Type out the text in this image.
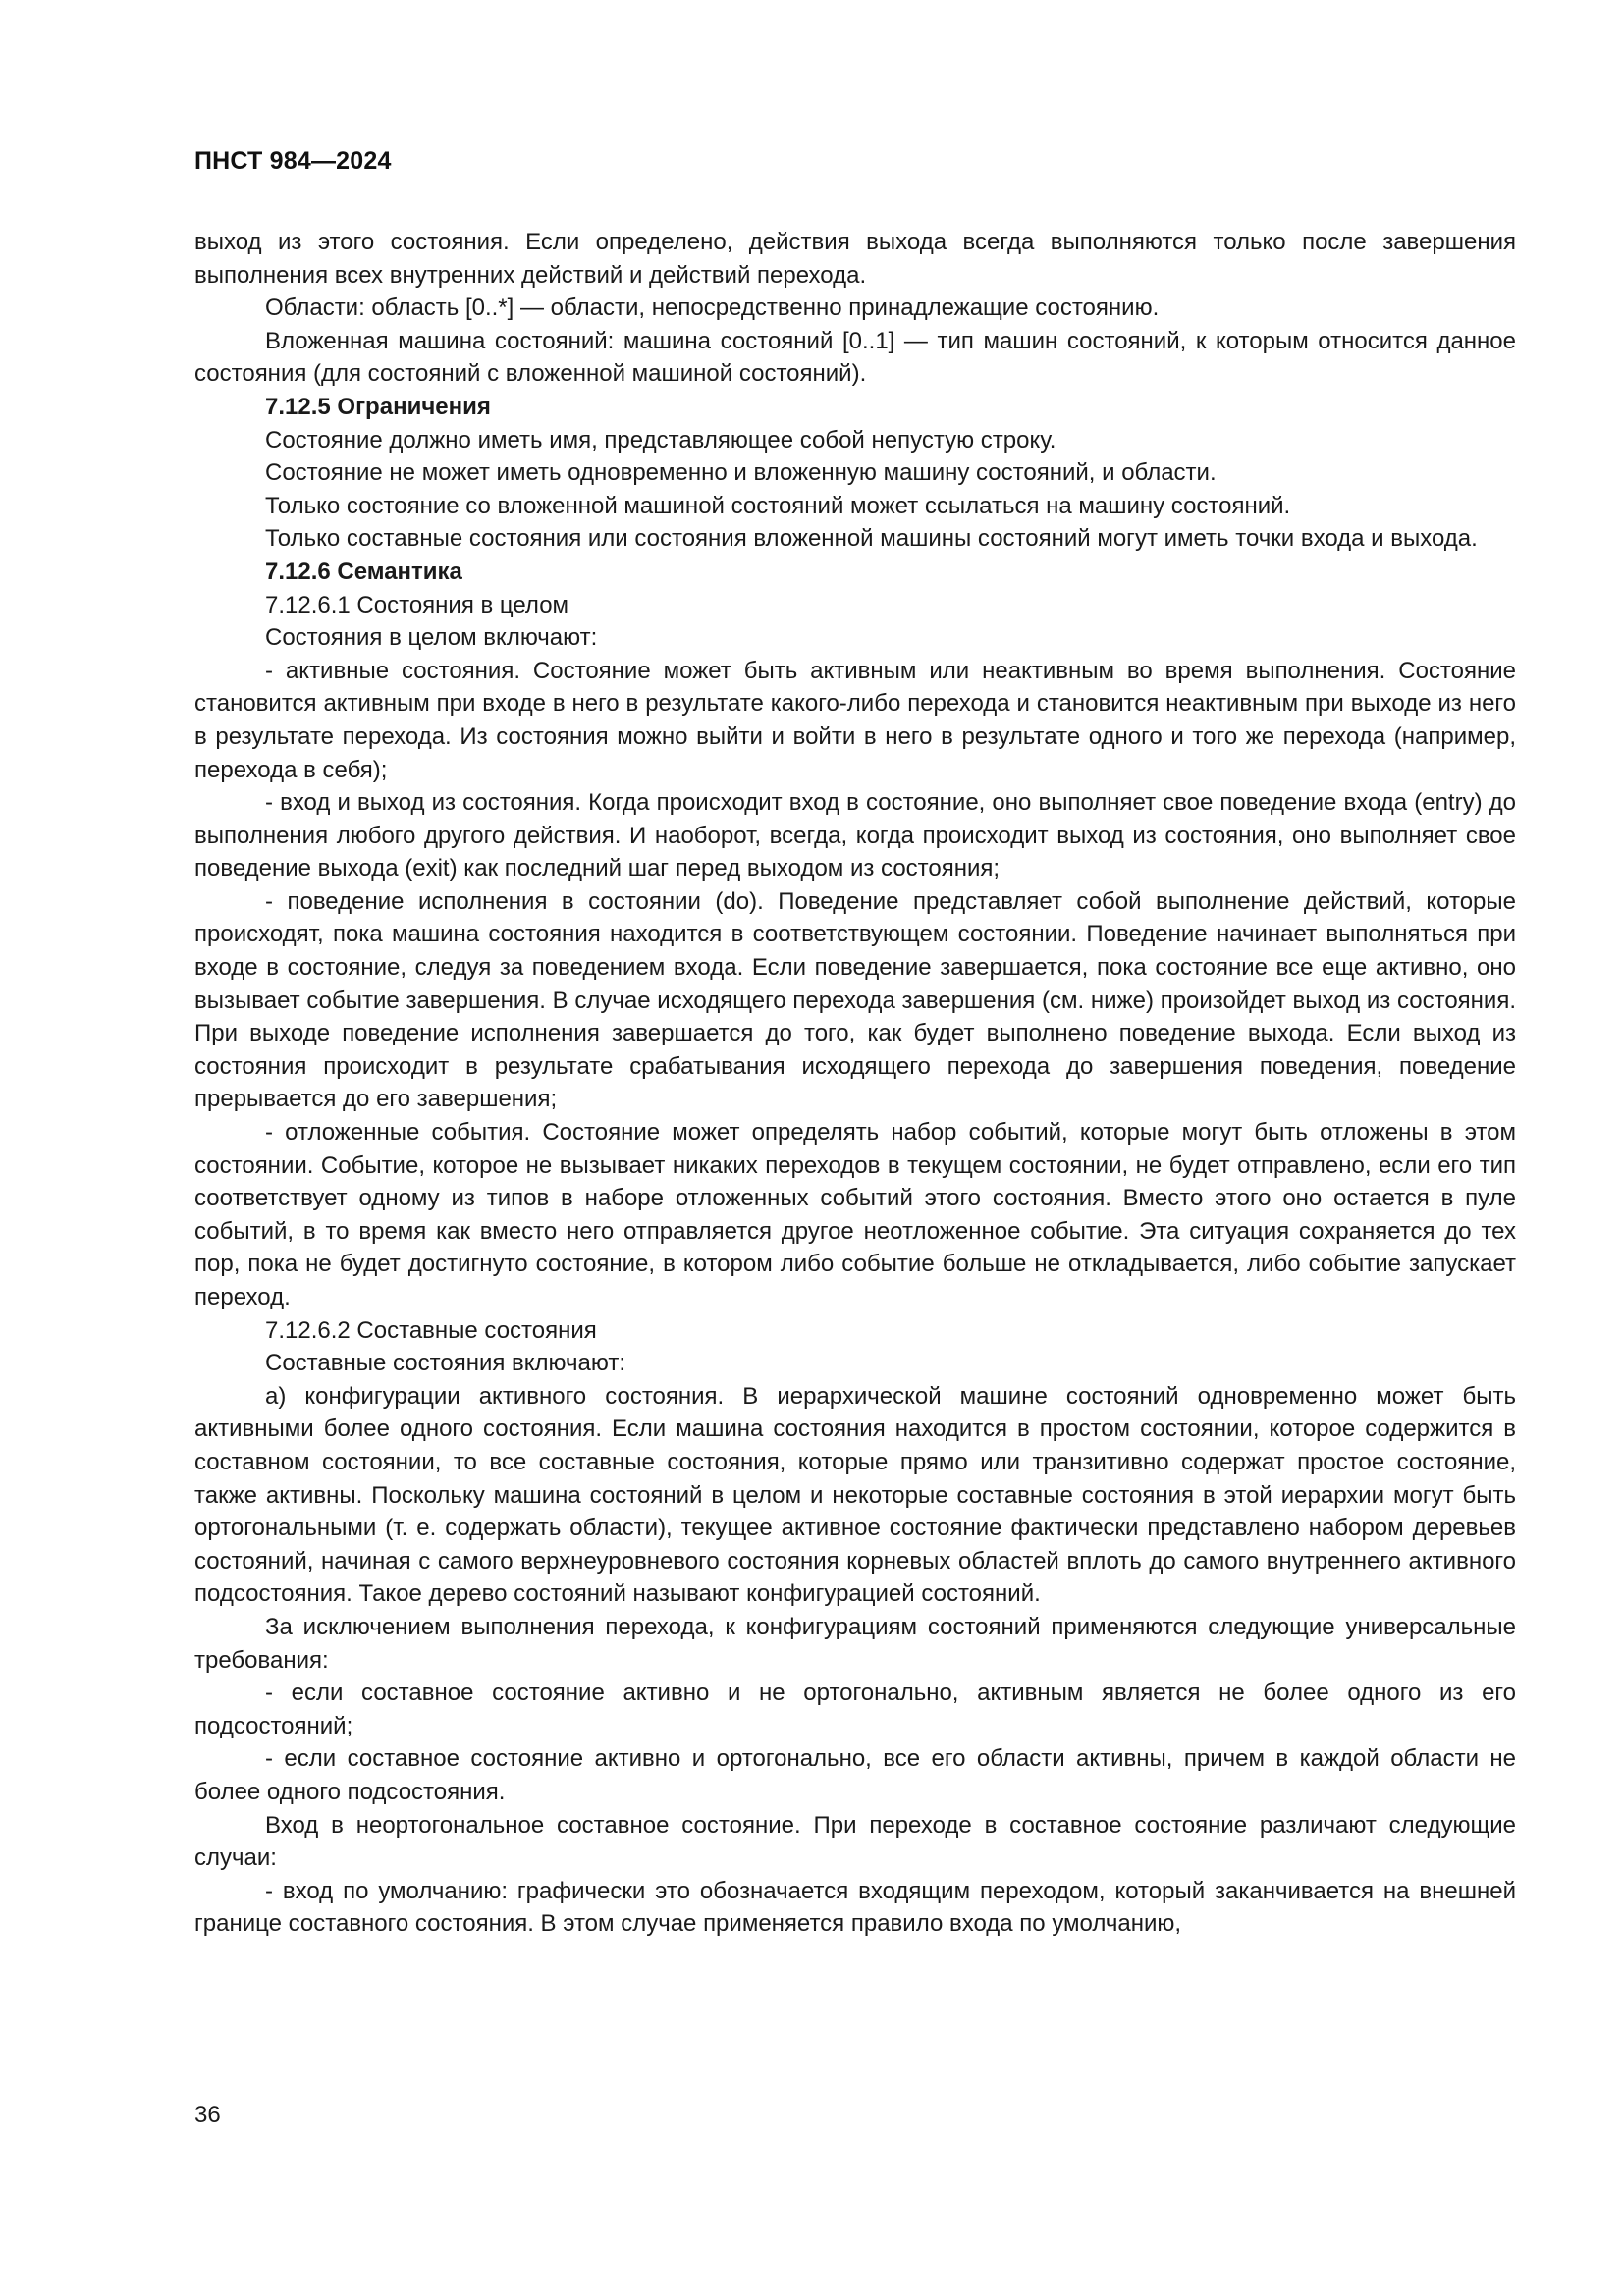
ПНСТ 984—2024

выход из этого состояния. Если определено, действия выхода всегда выполняются только после завершения выполнения всех внутренних действий и действий перехода.

Области: область [0..*] — области, непосредственно принадлежащие состоянию.

Вложенная машина состояний: машина состояний [0..1] — тип машин состояний, к которым относится данное состояния (для состояний с вложенной машиной состояний).

7.12.5 Ограничения

Состояние должно иметь имя, представляющее собой непустую строку.

Состояние не может иметь одновременно и вложенную машину состояний, и области.

Только состояние со вложенной машиной состояний может ссылаться на машину состояний.

Только составные состояния или состояния вложенной машины состояний могут иметь точки входа и выхода.

7.12.6 Семантика

7.12.6.1 Состояния в целом

Состояния в целом включают:

- активные состояния. Состояние может быть активным или неактивным во время выполнения. Состояние становится активным при входе в него в результате какого-либо перехода и становится неактивным при выходе из него в результате перехода. Из состояния можно выйти и войти в него в результате одного и того же перехода (например, перехода в себя);

- вход и выход из состояния. Когда происходит вход в состояние, оно выполняет свое поведение входа (entry) до выполнения любого другого действия. И наоборот, всегда, когда происходит выход из состояния, оно выполняет свое поведение выхода (exit) как последний шаг перед выходом из состояния;

- поведение исполнения в состоянии (do). Поведение представляет собой выполнение действий, которые происходят, пока машина состояния находится в соответствующем состоянии. Поведение начинает выполняться при входе в состояние, следуя за поведением входа. Если поведение завершается, пока состояние все еще активно, оно вызывает событие завершения. В случае исходящего перехода завершения (см. ниже) произойдет выход из состояния. При выходе поведение исполнения завершается до того, как будет выполнено поведение выхода. Если выход из состояния происходит в результате срабатывания исходящего перехода до завершения поведения, поведение прерывается до его завершения;

- отложенные события. Состояние может определять набор событий, которые могут быть отложены в этом состоянии. Событие, которое не вызывает никаких переходов в текущем состоянии, не будет отправлено, если его тип соответствует одному из типов в наборе отложенных событий этого состояния. Вместо этого оно остается в пуле событий, в то время как вместо него отправляется другое неотложенное событие. Эта ситуация сохраняется до тех пор, пока не будет достигнуто состояние, в котором либо событие больше не откладывается, либо событие запускает переход.

7.12.6.2 Составные состояния

Составные состояния включают:

а) конфигурации активного состояния. В иерархической машине состояний одновременно может быть активными более одного состояния. Если машина состояния находится в простом состоянии, которое содержится в составном состоянии, то все составные состояния, которые прямо или транзитивно содержат простое состояние, также активны. Поскольку машина состояний в целом и некоторые составные состояния в этой иерархии могут быть ортогональными (т. е. содержать области), текущее активное состояние фактически представлено набором деревьев состояний, начиная с самого верхнеуровневого состояния корневых областей вплоть до самого внутреннего активного подсостояния. Такое дерево состояний называют конфигурацией состояний.

За исключением выполнения перехода, к конфигурациям состояний применяются следующие универсальные требования:

- если составное состояние активно и не ортогонально, активным является не более одного из его подсостояний;

- если составное состояние активно и ортогонально, все его области активны, причем в каждой области не более одного подсостояния.

Вход в неортогональное составное состояние. При переходе в составное состояние различают следующие случаи:

- вход по умолчанию: графически это обозначается входящим переходом, который заканчивается на внешней границе составного состояния. В этом случае применяется правило входа по умолчанию,

36
